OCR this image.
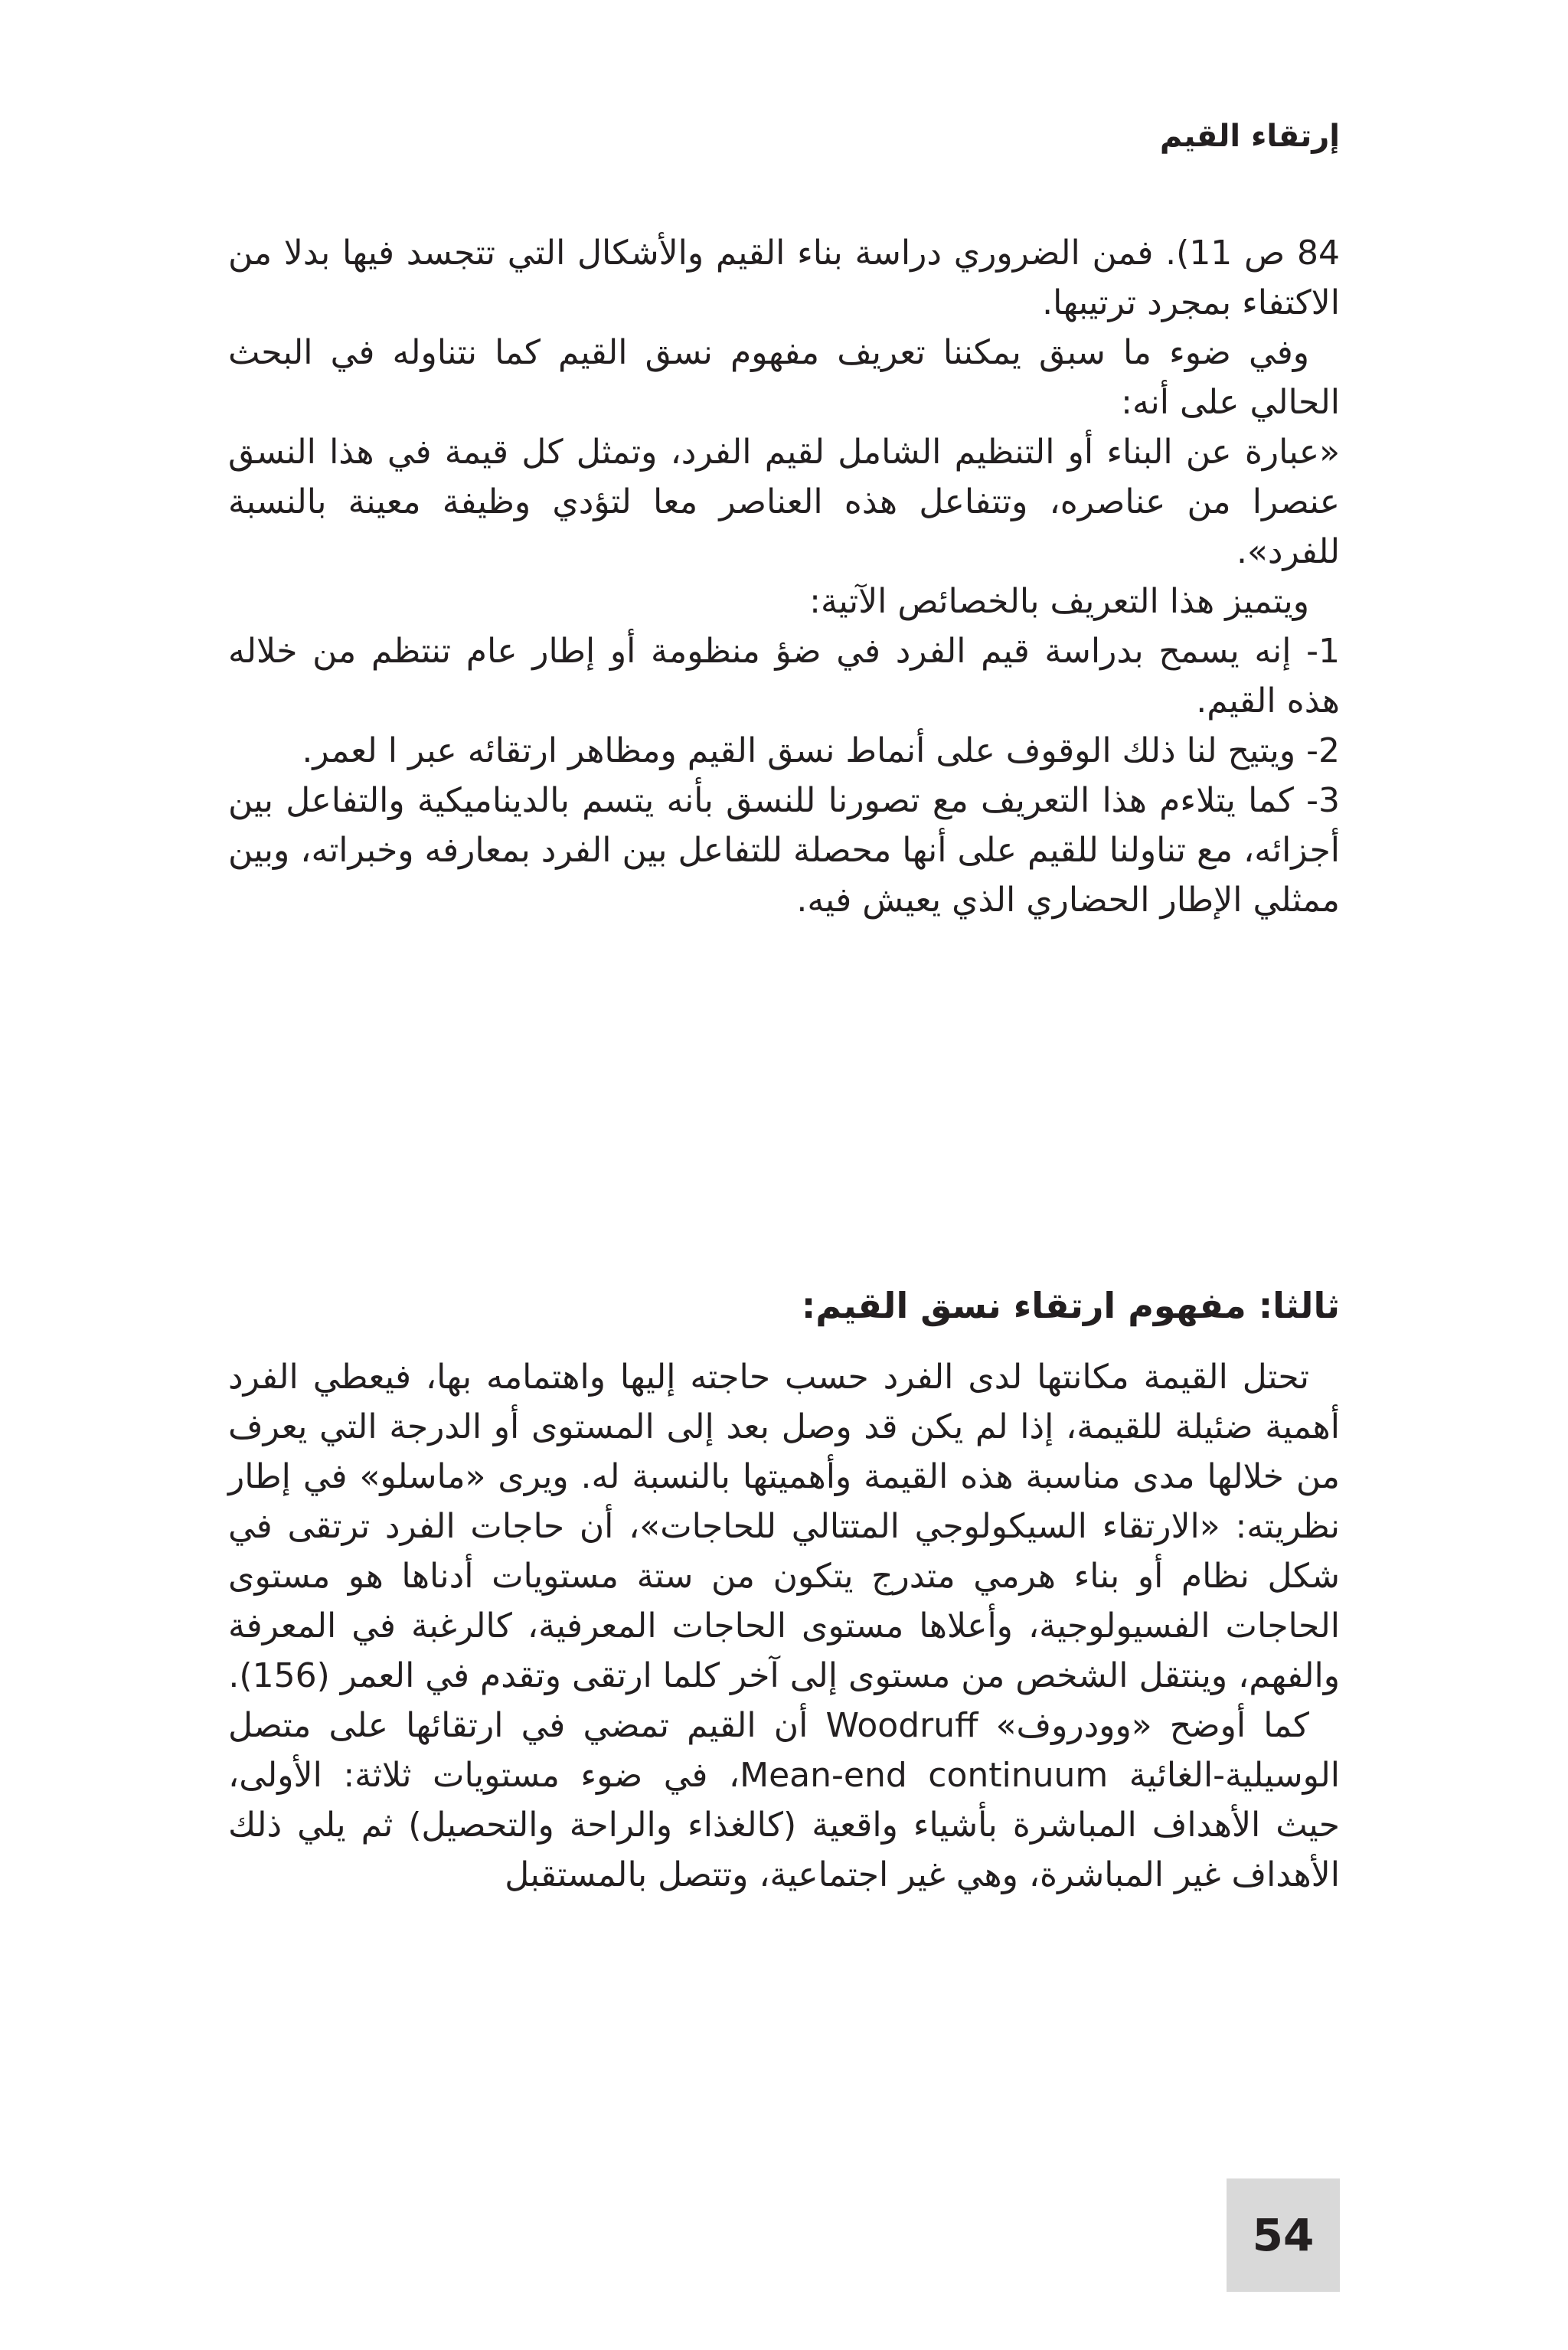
إرتقاء القيم

84 ص 11). فمن الضروري دراسة بناء القيم والأشكال التي تتجسد فيها بدلا من الاكتفاء بمجرد ترتيبها.

وفي ضوء ما سبق يمكننا تعريف مفهوم نسق القيم كما نتناوله في البحث الحالي على أنه:

«عبارة عن البناء أو التنظيم الشامل لقيم الفرد، وتمثل كل قيمة في هذا النسق عنصرا من عناصره، وتتفاعل هذه العناصر معا لتؤدي وظيفة معينة بالنسبة للفرد».

ويتميز هذا التعريف بالخصائص الآتية:

1- إنه يسمح بدراسة قيم الفرد في ضؤ منظومة أو إطار عام تنتظم من خلاله هذه القيم.

2- ويتيح لنا ذلك الوقوف على أنماط نسق القيم ومظاهر ارتقائه عبر ا لعمر.

3- كما يتلاءم هذا التعريف مع تصورنا للنسق بأنه يتسم بالديناميكية والتفاعل بين أجزائه، مع تناولنا للقيم على أنها محصلة للتفاعل بين الفرد بمعارفه وخبراته، وبين ممثلي الإطار الحضاري الذي يعيش فيه.

ثالثا: مفهوم ارتقاء نسق القيم:

تحتل القيمة مكانتها لدى الفرد حسب حاجته إليها واهتمامه بها، فيعطي الفرد أهمية ضئيلة للقيمة، إذا لم يكن قد وصل بعد إلى المستوى أو الدرجة التي يعرف من خلالها مدى مناسبة هذه القيمة وأهميتها بالنسبة له. ويرى «ماسلو» في إطار نظريته: «الارتقاء السيكولوجي المتتالي للحاجات»، أن حاجات الفرد ترتقى في شكل نظام أو بناء هرمي متدرج يتكون من ستة مستويات أدناها هو مستوى الحاجات الفسيولوجية، وأعلاها مستوى الحاجات المعرفية، كالرغبة في المعرفة والفهم، وينتقل الشخص من مستوى إلى آخر كلما ارتقى وتقدم في العمر (156).

كما أوضح «وودروف» Woodruff أن القيم تمضي في ارتقائها على متصل الوسيلية-الغائية Mean-end continuum، في ضوء مستويات ثلاثة: الأولى، حيث الأهداف المباشرة بأشياء واقعية (كالغذاء والراحة والتحصيل) ثم يلي ذلك الأهداف غير المباشرة، وهي غير اجتماعية، وتتصل بالمستقبل

54
